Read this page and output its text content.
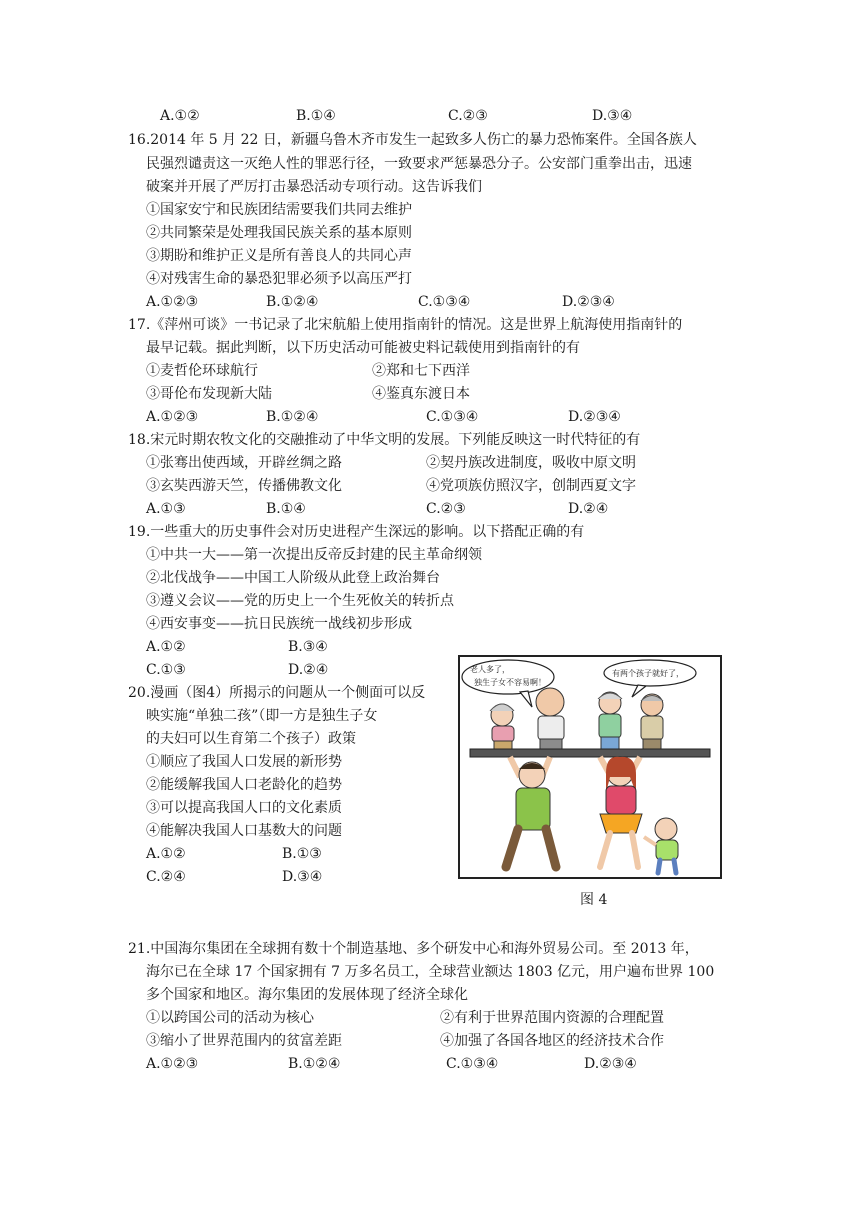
A.①②	B.①④	C.②③	D.③④
16.2014 年 5 月 22 日，新疆乌鲁木齐市发生一起致多人伤亡的暴力恐怖案件。全国各族人
民强烈谴责这一灭绝人性的罪恶行径，一致要求严惩暴恐分子。公安部门重拳出击，迅速
破案并开展了严厉打击暴恐活动专项行动。这告诉我们
①国家安宁和民族团结需要我们共同去维护
②共同繁荣是处理我国民族关系的基本原则
③期盼和维护正义是所有善良人的共同心声
④对残害生命的暴恐犯罪必须予以高压严打
A.①②③	B.①②④	C.①③④	D.②③④
17.《萍州可谈》一书记录了北宋航船上使用指南针的情况。这是世界上航海使用指南针的
最早记载。据此判断，以下历史活动可能被史料记载使用到指南针的有
①麦哲伦环球航行	②郑和七下西洋
③哥伦布发现新大陆	④鉴真东渡日本
A.①②③	B.①②④	C.①③④	D.②③④
18.宋元时期农牧文化的交融推动了中华文明的发展。下列能反映这一时代特征的有
①张骞出使西域，开辟丝绸之路	②契丹族改进制度，吸收中原文明
③玄奘西游天竺，传播佛教文化	④党项族仿照汉字，创制西夏文字
A.①③	B.①④	C.②③	D.②④
19.一些重大的历史事件会对历史进程产生深远的影响。以下搭配正确的有
①中共一大——第一次提出反帝反封建的民主革命纲领
②北伐战争——中国工人阶级从此登上政治舞台
③遵义会议——党的历史上一个生死攸关的转折点
④西安事变——抗日民族统一战线初步形成
A.①②	B.③④
C.①③	D.②④
20.漫画（图4）所揭示的问题从一个侧面可以反
映实施“单独二孩”（即一方是独生子女
的夫妇可以生育第二个孩子）政策
①顺应了我国人口发展的新形势
②能缓解我国人口老龄化的趋势
③可以提高我国人口的文化素质
④能解决我国人口基数大的问题
A.①②	B.①③
C.②④	D.③④
老人多了，
独生子女不容易啊！
有两个孩子就好了，
图 4
21.中国海尔集团在全球拥有数十个制造基地、多个研发中心和海外贸易公司。至 2013 年，
海尔已在全球 17 个国家拥有 7 万多名员工，全球营业额达 1803 亿元，用户遍布世界 100
多个国家和地区。海尔集团的发展体现了经济全球化
①以跨国公司的活动为核心	②有利于世界范围内资源的合理配置
③缩小了世界范围内的贫富差距	④加强了各国各地区的经济技术合作
A.①②③	B.①②④	C.①③④	D.②③④
